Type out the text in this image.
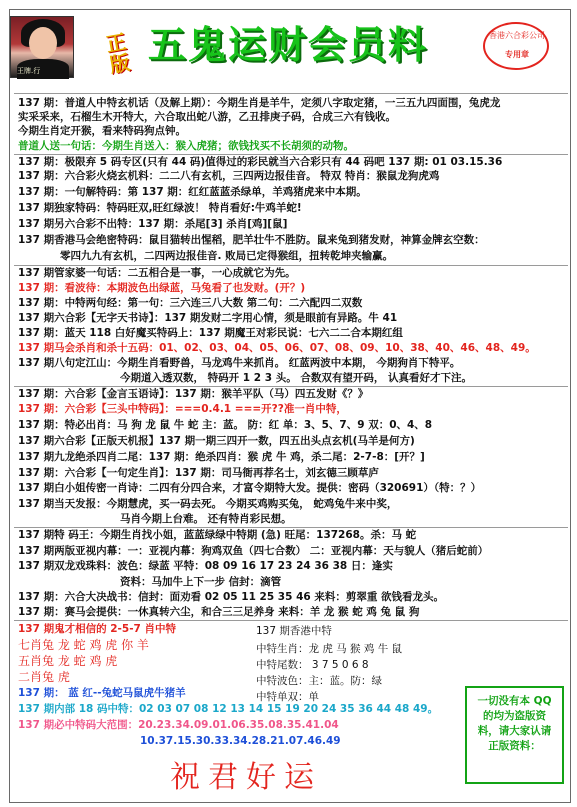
王牌.行
正版 五鬼运财会员料	香港六合彩公司
专用章
137 期：普道人中特玄机话（及解上期）：今期生肖是羊牛，定须八字取定猪，一三五九四面围，兔虎龙
实采采来，石榴生木开特大，六合取出蛇八游，乙丑排庚子码，合成三六有钱收。
今期生肖定开猴，看来特码狗点钟。
普道人送一句话：今期生肖送入：猴入虎猪；欲钱找买不长胡须的动物。
137 期：极限弃 5 码专区(只有 44 码)值得过的彩民就当六合彩只有 44 码吧 137 期: 01 03.15.36
137 期：六合彩火烧玄机料：二二八有玄机，三四两边报佳音。 特双 特肖：猴鼠龙狗虎鸡
137 期：一句解特码：第 137 期：红红蓝蓝杀绿单，羊鸡猪虎来中本期。
137 期独家特码：特码旺双,旺红绿波！ 特肖看好:牛鸡羊蛇!
137 期另六合彩不出特：137 期：杀尾[3] 杀肖[鸡][鼠]
137 期香港马会绝密特码：鼠目猫转出惺稻，肥羊壮牛不胜防。鼠来兔到猪发财，神算金牌玄空数：
零四九九有玄机，二四两边报佳音. 败局已定得猴组，扭转乾坤夹输赢。
137 期管家婆一句话：二五相合是一事，一心成就它为先。
137 期：看波待：本期波色出绿蓝，马兔看了也发财。(开？)
137 期：中特两句经：第一句：三六连三八大数 第二句：二六配四二双数
137 期六合彩【无字天书诗】：137 期发财二字用心情，须是眼前有异路。牛 41
137 期：蓝天 118 白好魔买特码上：137 期魔王对彩民说：七六二二合本期红组
137 期马会杀肖和杀十五码：01、02、03、04、05、06、07、08、09、10、38、40、46、48、49。
137 期八句定江山：今期生肖看野兽，马龙鸡牛来抓肖。 红蓝两波中本期， 今期狗肖下特平。
今期道入透双数， 特码开 1 2 3 头。 合数双有望开码， 认真看好才下注。
137 期：六合彩【金言玉语诗】：137 期：猴羊平队（马）四五发财《？》
137 期：六合彩【三头中特码】：===0.4.1 ===开??准一肖中特，
137 期：特必出肖：马 狗 龙 鼠 牛 蛇 主：蓝。 防：红 单：3、5、7、9 双：0、4、8
137 期六合彩【正版天机报】137 期一期三四开一数，四五出头点玄机(马羊是何方)
137 期九龙绝杀四肖二尾：137 期：绝杀四肖：猴 虎 牛 鸡，杀二尾：2-7-8：[开？]
137 期：六合彩【一句定生肖】：137 期：司马衙再荐名士，刘玄德三顾草庐
137 期白小姐传密一肖诗：二四有分四合来，才富令期特大发。提供：密码（320691）（特：？）
137 期当天发报：今期慧虎，买一码去死。 今期买鸡购买兔， 蛇鸡兔牛来中奖，
马肖今期上台难。 还有特肖彩民想。
137 期特 码王：今期生肖找小姐，蓝蓝绿绿中特期 (急) 旺尾：137268。杀：马 蛇
137 期两版亚视内幕：一：亚视内幕：狗鸡双鱼（四七合数） 二：亚视内幕：天与貌人（猪后蛇前）
137 期双龙戏珠料：波色：绿蓝 平特：08 09 16 17 23 24 36 38 日：逢实
资料：马加牛上下一步 信封：滴管
137 期：六合大决战书：信封：面劝看 02 05 11 25 35 46 来料：剪翠重 欲钱看龙头。
137 期：赛马会提供：一休真转六尘，和合三三足养身 来料：羊 龙 猴 蛇 鸡 兔 鼠 狗
137 期鬼才相信的 2-5-7 肖中特
七肖兔 龙 蛇 鸡 虎 你 羊
五肖兔 龙 蛇 鸡 虎
二肖兔 虎
137 期： 蓝 红--兔蛇马鼠虎牛猪羊
137 期内部 18 码中特：02 03 07 08 12 13 14 15 19 20 24 35 36 44 48 49。
137 期必中特码大范围：20.23.34.09.01.06.35.08.35.41.04
10.37.15.30.33.34.28.21.07.46.49
137 期香港中特
中特生肖：龙 虎 马 猴 鸡 牛 鼠
中特尾数： 3 7 5 0 6 8
中特波色：主：蓝。防：绿
中特单双：单	一切没有本 QQ 的均为盗版资料，请大家认请正版资料：
祝君好运
